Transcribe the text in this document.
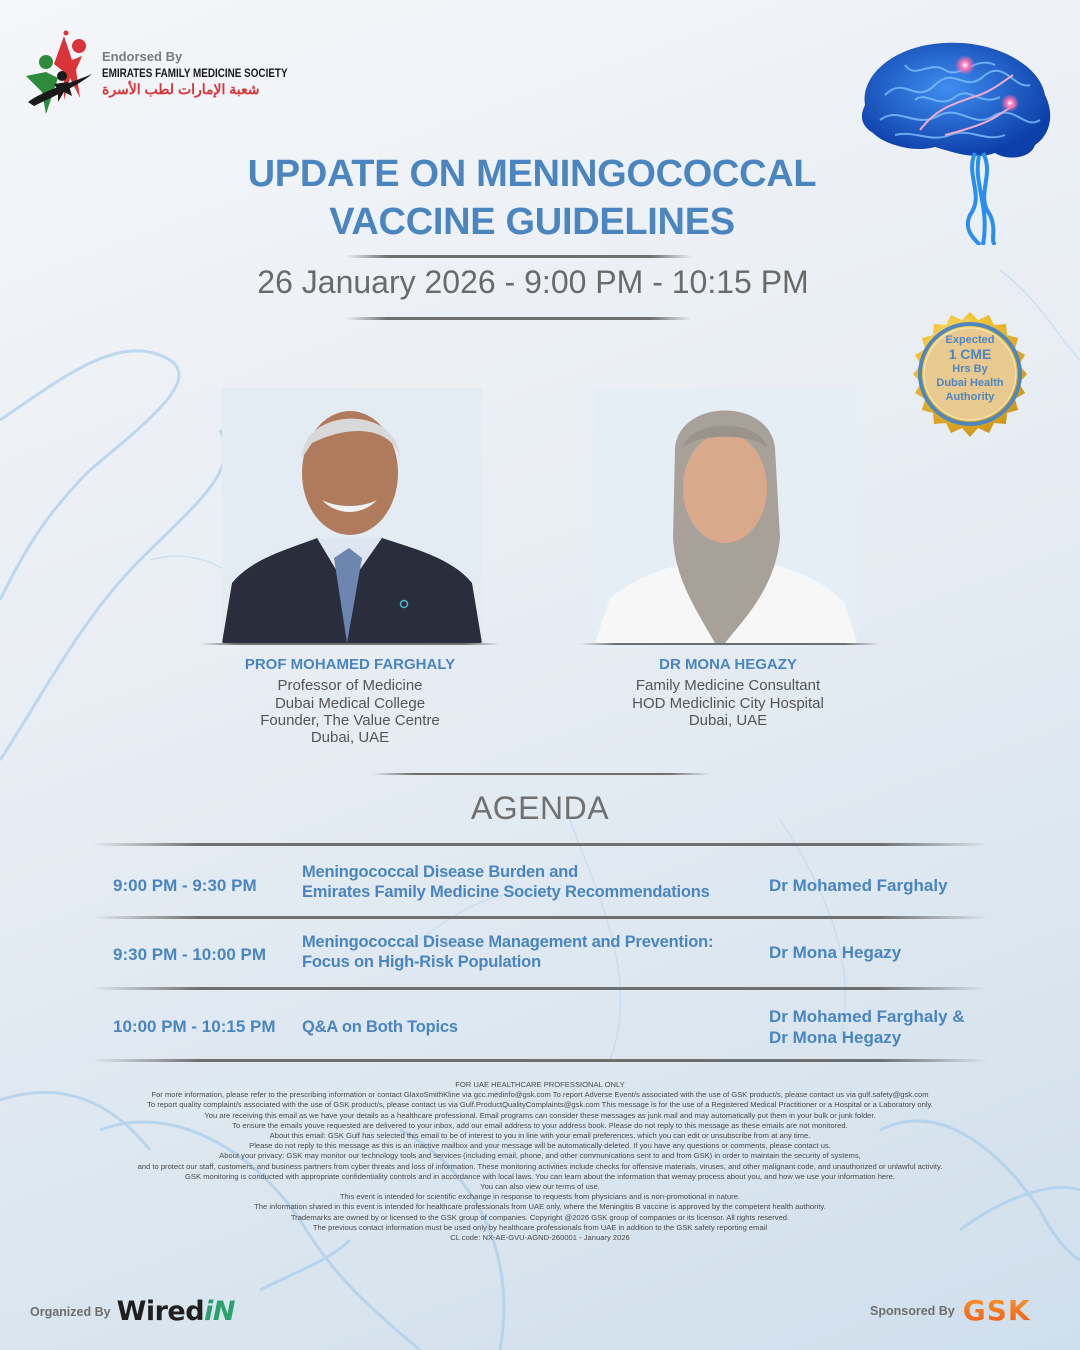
Endorsed By
EMIRATES FAMILY MEDICINE SOCIETY
شعبة الإمارات لطب الأسرة
UPDATE ON MENINGOCOCCAL
VACCINE GUIDELINES
26 January 2026 - 9:00 PM - 10:15 PM
Expected
1 CME
Hrs By
Dubai Health
Authority
PROF MOHAMED FARGHALY
Professor of Medicine
Dubai Medical College
Founder, The Value Centre
Dubai, UAE
DR MONA HEGAZY
Family Medicine Consultant
HOD Mediclinic City Hospital
Dubai, UAE
AGENDA
9:00 PM - 9:30 PM
Meningococcal Disease Burden and
Emirates Family Medicine Society Recommendations	Dr Mohamed Farghaly
9:30 PM - 10:00 PM
Meningococcal Disease Management and Prevention:
Focus on High-Risk Population	Dr Mona Hegazy
10:00 PM - 10:15 PM Q&A on Both Topics
Dr Mohamed Farghaly &
Dr Mona Hegazy
FOR UAE HEALTHCARE PROFESSIONAL ONLY
For more information, please refer to the prescribing information or contact GlaxoSmithKline via gcc.medinfo@gsk.com To report Adverse Event/s associated with the use of GSK product/s, please contact us via gulf.safety@gsk.com
To report quality complaint/s associated with the use of GSK product/s, please contact us via Gulf.ProductQualityComplaints@gsk.com This message is for the use of a Registered Medical Practitioner or a Hospital or a Laboratory only.
You are receiving this email as we have your details as a healthcare professional. Email programs can consider these messages as junk mail and may automatically put them in your bulk or junk folder.
To ensure the emails youve requested are delivered to your inbox, add our email address to your address book. Please do not reply to this message as these emails are not monitored.
About this email: GSK Gulf has selected this email to be of interest to you in line with your email preferences, which you can edit or unsubscribe from at any time.
Please do not reply to this message as this is an inactive mailbox and your message will be automatically deleted. If you have any questions or comments, please contact us.
About your privacy: GSK may monitor our technology tools and services (including email, phone, and other communications sent to and from GSK) in order to maintain the security of systems,
and to protect our staff, customers, and business partners from cyber threats and loss of information. These monitoring activities include checks for offensive materials, viruses, and other malignant code, and unauthorized or unlawful activity.
GSK monitoring is conducted with appropriate confidentiality controls and in accordance with local laws. You can learn about the information that wemay process about you, and how we use your information here.
You can also view our terms of use.
This event is intended for scientific exchange in response to requests from physicians and is non-promotional in nature.
The information shared in this event is intended for healthcare professionals from UAE only, where the Meningitis B vaccine is approved by the competent health authority.
Trademarks are owned by or licensed to the GSK group of companies. Copyright @2026 GSK group of companies or its licensor. All rights reserved.
The previous contact information must be used only by healthcare professionals from UAE in addition to the GSK safety reporting email
CL code: NX-AE-GVU-AGND-260001 - January 2026
Organized By WirediN	Sponsored By GSK
